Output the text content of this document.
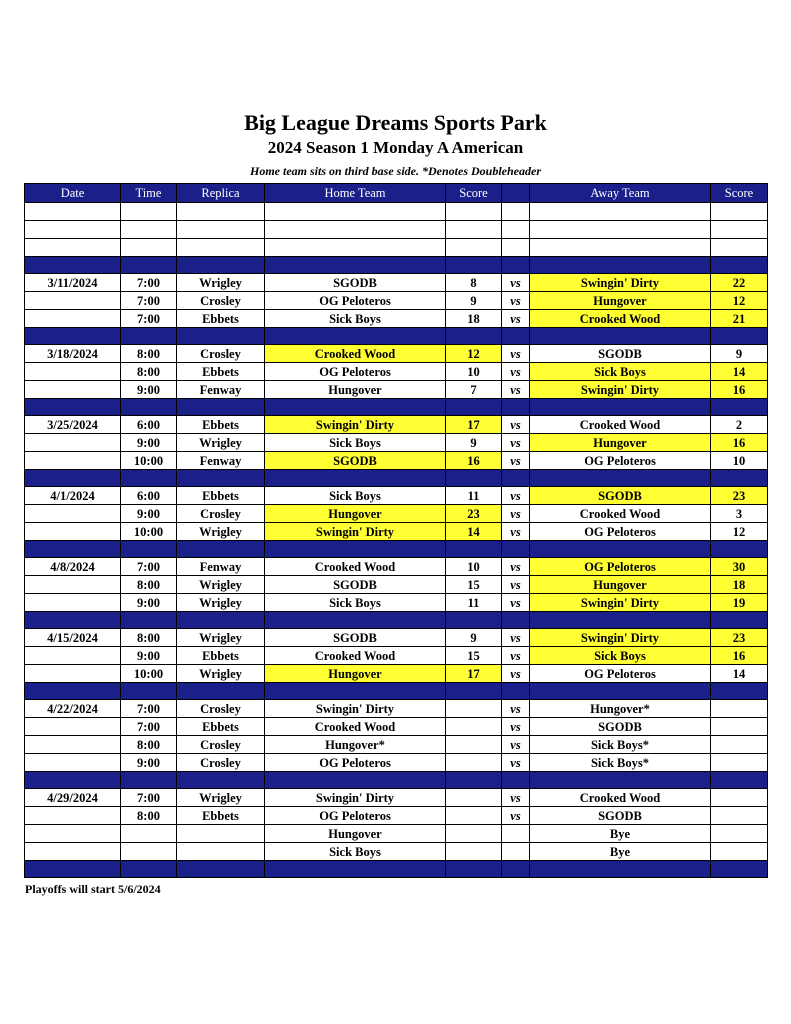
Big League Dreams Sports Park
2024 Season 1 Monday A American
Home team sits on third base side. *Denotes Doubleheader
Date	Time	Replica	Home Team	Score		Away Team	Score

3/11/2024	7:00	Wrigley	SGODB	8	vs	Swingin' Dirty	22
	7:00	Crosley	OG Peloteros	9	vs	Hungover	12
	7:00	Ebbets	Sick Boys	18	vs	Crooked Wood	21

3/18/2024	8:00	Crosley	Crooked Wood	12	vs	SGODB	9
	8:00	Ebbets	OG Peloteros	10	vs	Sick Boys	14
	9:00	Fenway	Hungover	7	vs	Swingin' Dirty	16

3/25/2024	6:00	Ebbets	Swingin' Dirty	17	vs	Crooked Wood	2
	9:00	Wrigley	Sick Boys	9	vs	Hungover	16
	10:00	Fenway	SGODB	16	vs	OG Peloteros	10

4/1/2024	6:00	Ebbets	Sick Boys	11	vs	SGODB	23
	9:00	Crosley	Hungover	23	vs	Crooked Wood	3
	10:00	Wrigley	Swingin' Dirty	14	vs	OG Peloteros	12

4/8/2024	7:00	Fenway	Crooked Wood	10	vs	OG Peloteros	30
	8:00	Wrigley	SGODB	15	vs	Hungover	18
	9:00	Wrigley	Sick Boys	11	vs	Swingin' Dirty	19

4/15/2024	8:00	Wrigley	SGODB	9	vs	Swingin' Dirty	23
	9:00	Ebbets	Crooked Wood	15	vs	Sick Boys	16
	10:00	Wrigley	Hungover	17	vs	OG Peloteros	14

4/22/2024	7:00	Crosley	Swingin' Dirty		vs	Hungover*	
	7:00	Ebbets	Crooked Wood		vs	SGODB	
	8:00	Crosley	Hungover*		vs	Sick Boys*	
	9:00	Crosley	OG Peloteros		vs	Sick Boys*	

4/29/2024	7:00	Wrigley	Swingin' Dirty		vs	Crooked Wood	
	8:00	Ebbets	OG Peloteros		vs	SGODB	
			Hungover			Bye	
			Sick Boys			Bye	

Playoffs will start 5/6/2024
